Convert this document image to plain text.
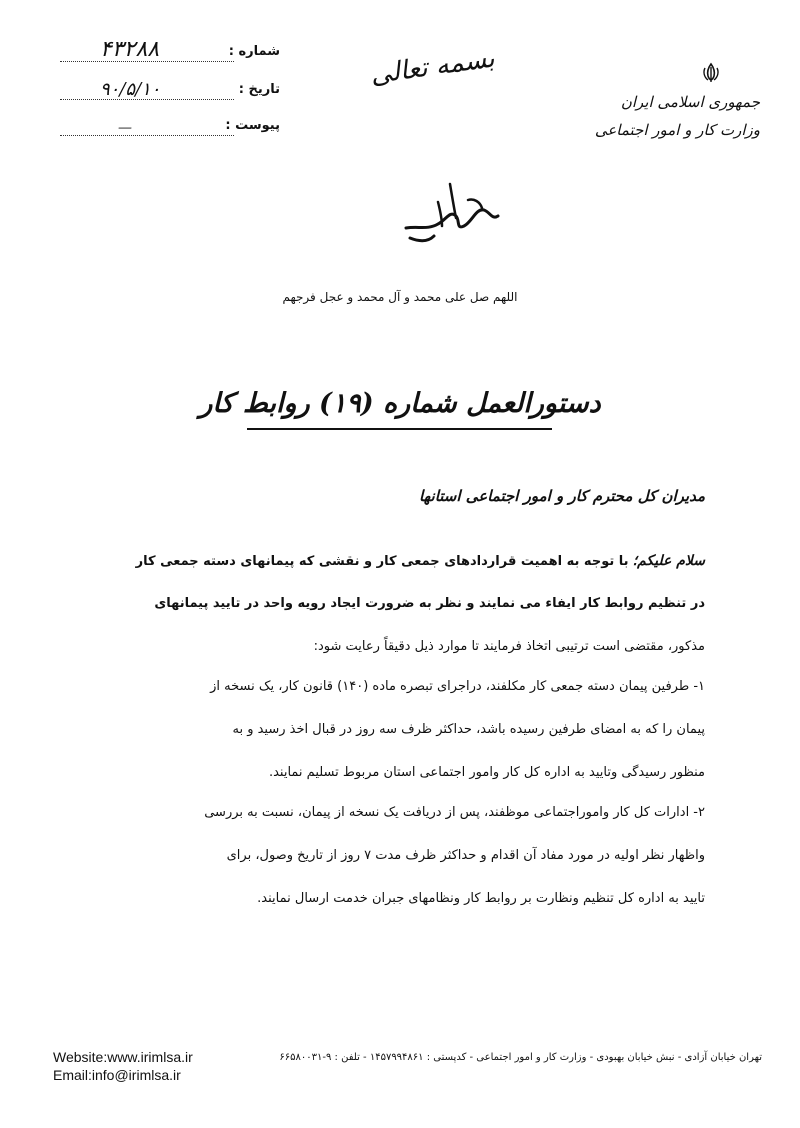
شماره :
۴۳۲۸۸
تاریخ :
۹۰/۵/۱۰
پیوست :
—
بسمه تعالی
جمهوری اسلامی ایران
وزارت کار و امور اجتماعی
اللهم صل علی محمد و آل محمد و عجل فرجهم
دستورالعمل شماره (۱۹) روابط کار
مدیران کل محترم کار و امور اجتماعی استانها
سلام علیکم؛ با توجه به اهمیت قراردادهای جمعی کار و نقشی که پیمانهای دسته جمعی کار
در تنظیم روابط کار ایفاء می نمایند و نظر به ضرورت ایجاد رویه واحد در تایید پیمانهای
مذکور، مقتضی است ترتیبی اتخاذ فرمایند تا موارد ذیل دقیقاً رعایت شود:
۱- طرفین پیمان دسته جمعی کار مکلفند، دراجرای تبصره ماده (۱۴۰) قانون کار، یک نسخه از
پیمان را که به امضای طرفین رسیده باشد، حداکثر ظرف سه روز در قبال اخذ رسید و به
منظور رسیدگی وتایید به اداره کل کار وامور اجتماعی استان مربوط تسلیم نمایند.
۲- ادارات کل کار واموراجتماعی موظفند، پس از دریافت یک نسخه از پیمان، نسبت به بررسی
واظهار نظر اولیه در مورد مفاد آن اقدام و حداکثر ظرف مدت ۷ روز از تاریخ وصول، برای
تایید به اداره کل تنظیم ونظارت بر روابط کار ونظامهای جبران خدمت ارسال نمایند.
Website:www.irimlsa.ir
Email:info@irimlsa.ir
تهران خیابان آزادی - نبش خیابان بهبودی - وزارت کار و امور اجتماعی - کدپستی : ۱۴۵۷۹۹۴۸۶۱ - تلفن : ۹-۶۶۵۸۰۰۳۱
